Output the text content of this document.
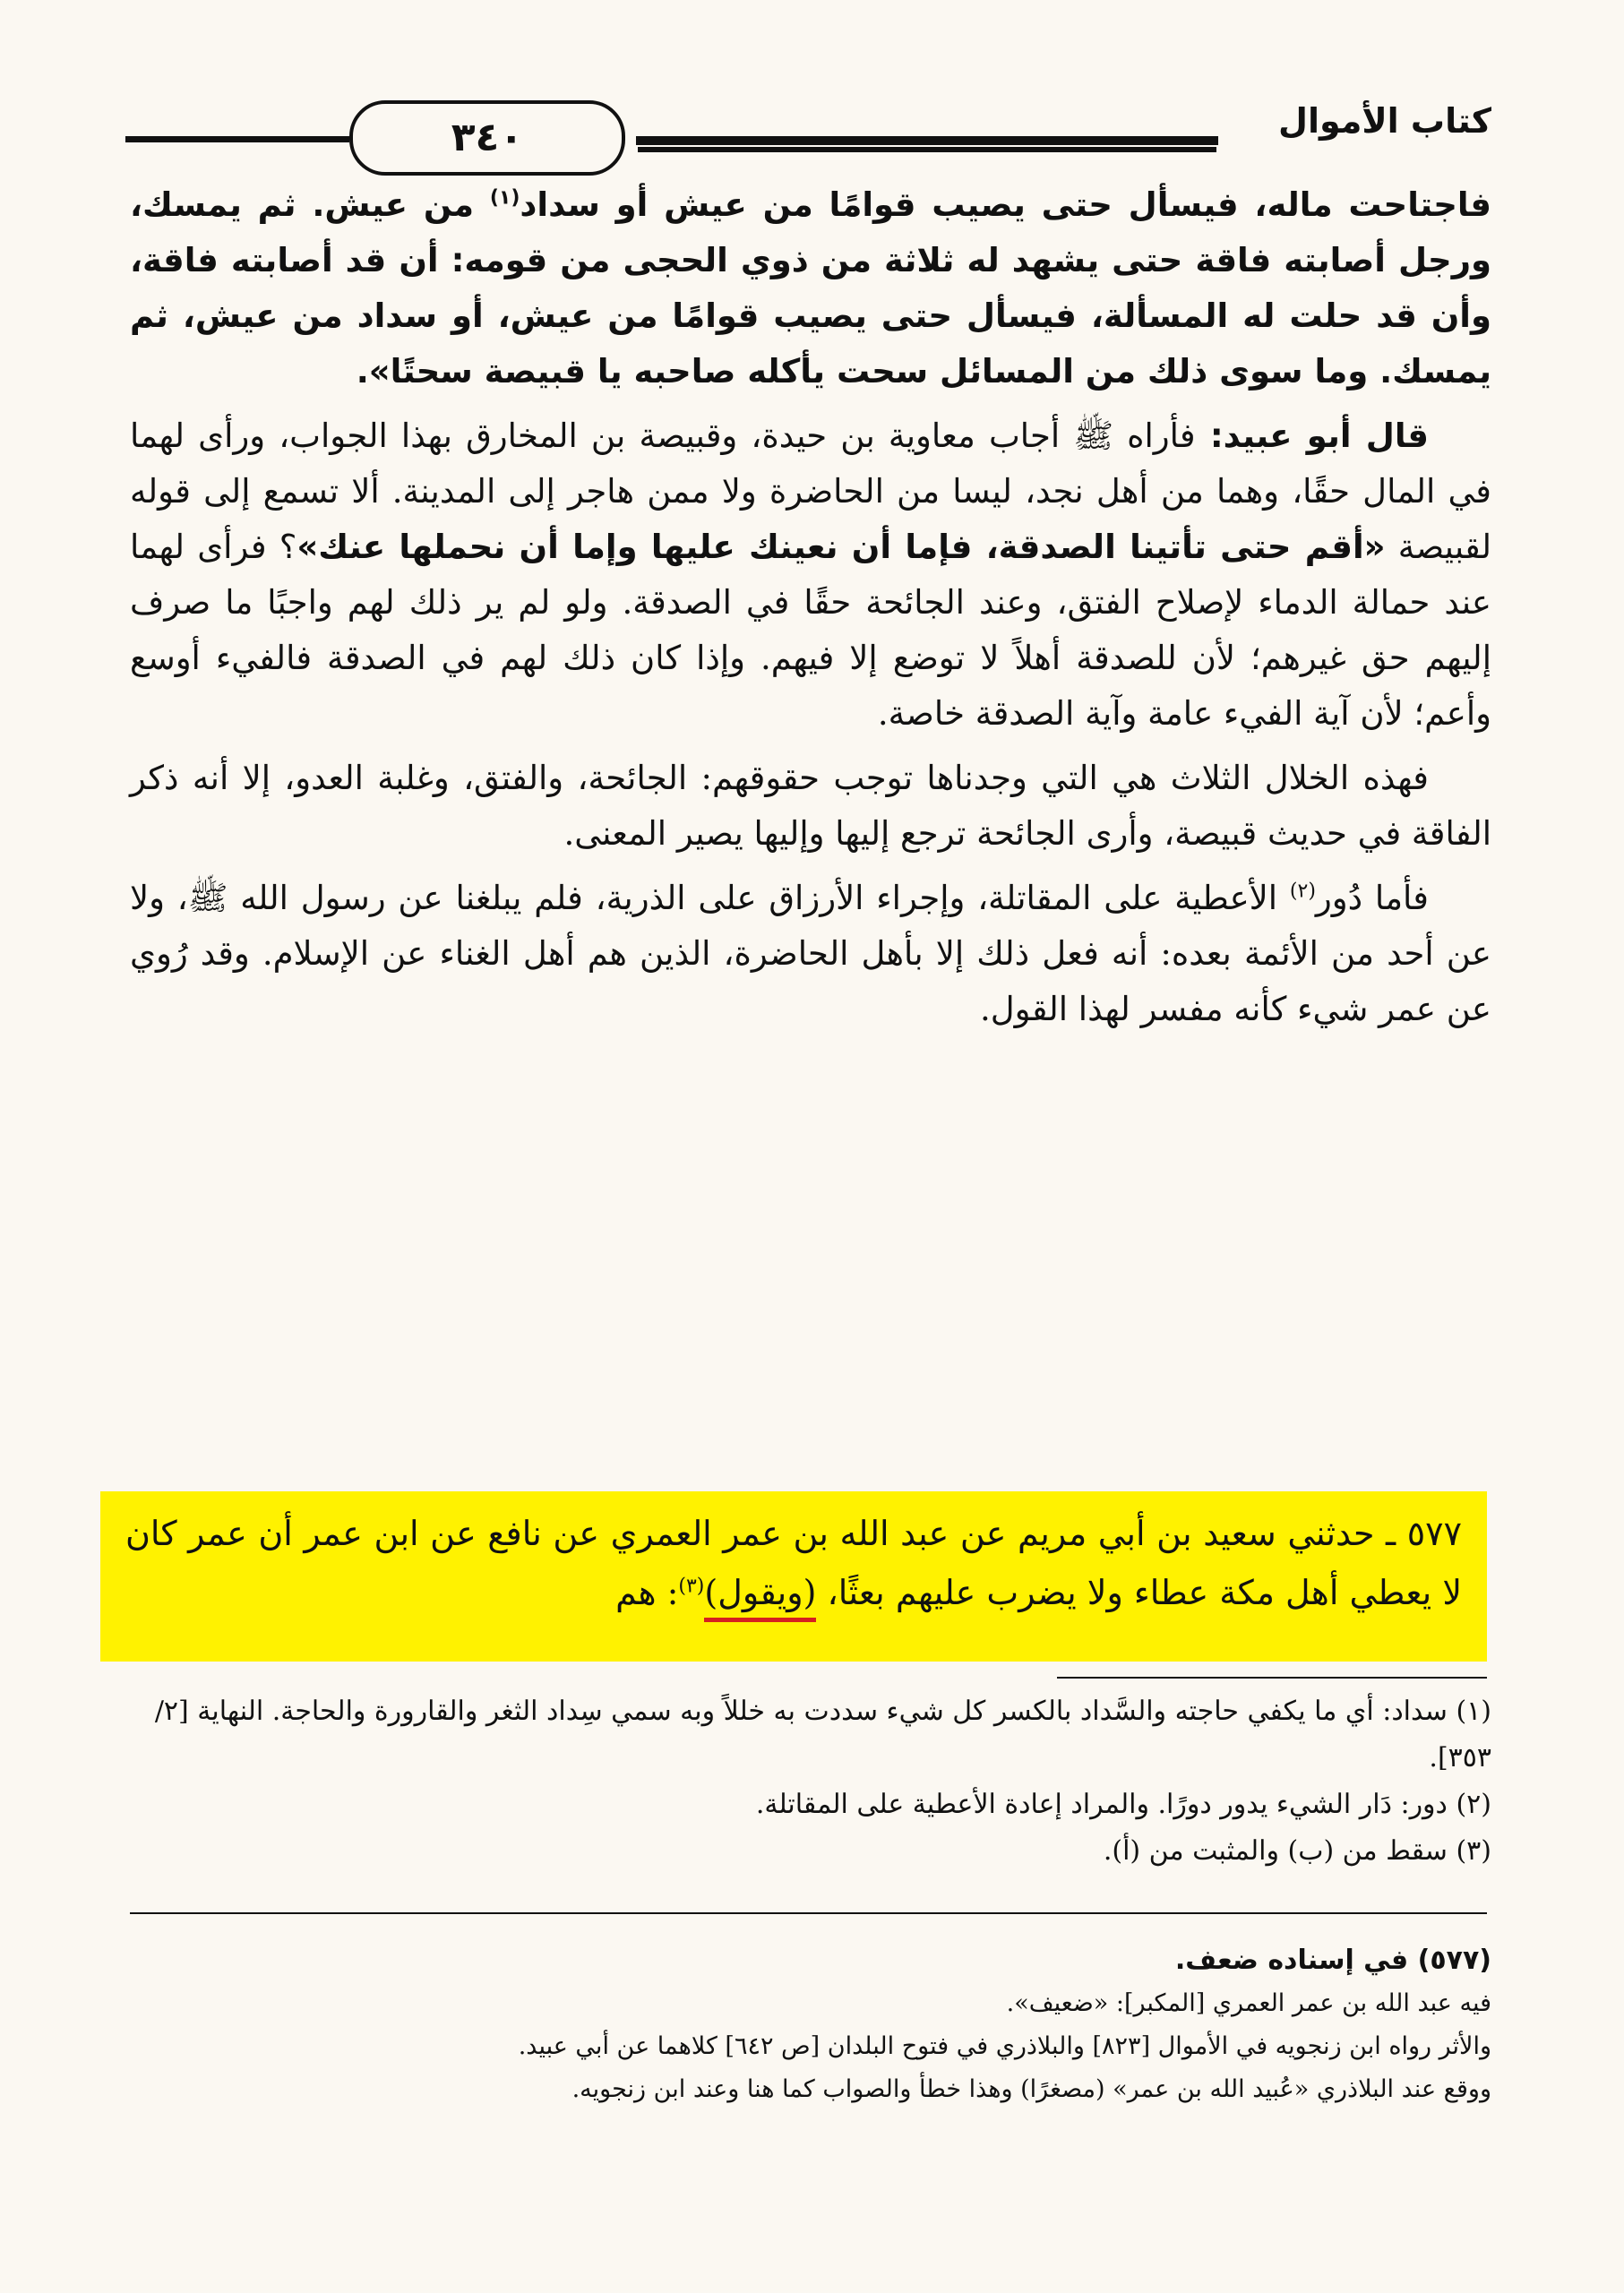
كتاب الأموال
٣٤٠

فاجتاحت ماله، فيسأل حتى يصيب قوامًا من عيش أو سداد$^{(١)}$ من عيش. ثم يمسك، ورجل أصابته فاقة حتى يشهد له ثلاثة من ذوي الحجى من قومه: أن قد أصابته فاقة، وأن قد حلت له المسألة، فيسأل حتى يصيب قوامًا من عيش، أو سداد من عيش، ثم يمسك. وما سوى ذلك من المسائل سحت يأكله صاحبه يا قبيصة سحتًا».

قال أبو عبيد: فأراه ﷺ أجاب معاوية بن حيدة، وقبيصة بن المخارق بهذا الجواب، ورأى لهما في المال حقًا، وهما من أهل نجد، ليسا من الحاضرة ولا ممن هاجر إلى المدينة. ألا تسمع إلى قوله لقبيصة «أقم حتى تأتينا الصدقة، فإما أن نعينك عليها وإما أن نحملها عنك»؟ فرأى لهما عند حمالة الدماء لإصلاح الفتق، وعند الجائحة حقًا في الصدقة. ولو لم ير ذلك لهم واجبًا ما صرف إليهم حق غيرهم؛ لأن للصدقة أهلاً لا توضع إلا فيهم. وإذا كان ذلك لهم في الصدقة فالفيء أوسع وأعم؛ لأن آية الفيء عامة وآية الصدقة خاصة.

فهذه الخلال الثلاث هي التي وجدناها توجب حقوقهم: الجائحة، والفتق، وغلبة العدو، إلا أنه ذكر الفاقة في حديث قبيصة، وأرى الجائحة ترجع إليها وإليها يصير المعنى.

فأما دُور$^{(٢)}$ الأعطية على المقاتلة، وإجراء الأرزاق على الذرية، فلم يبلغنا عن رسول الله ﷺ، ولا عن أحد من الأئمة بعده: أنه فعل ذلك إلا بأهل الحاضرة، الذين هم أهل الغناء عن الإسلام. وقد رُوي عن عمر شيء كأنه مفسر لهذا القول.

٥٧٧ ـ حدثني سعيد بن أبي مريم عن عبد الله بن عمر العمري عن نافع عن ابن عمر أن عمر كان لا يعطي أهل مكة عطاء ولا يضرب عليهم بعثًا، (ويقول)$^{(٣)}$: هم

(١) سداد: أي ما يكفي حاجته والسَّداد بالكسر كل شيء سددت به خللاً وبه سمي سِداد الثغر والقارورة والحاجة. النهاية [٢/ ٣٥٣].

(٢) دور: دَار الشيء يدور دورًا. والمراد إعادة الأعطية على المقاتلة.

(٣) سقط من (ب) والمثبت من (أ).

(٥٧٧) في إسناده ضعف.

فيه عبد الله بن عمر العمري [المكبر]: «ضعيف».

والأثر رواه ابن زنجويه في الأموال [٨٢٣] والبلاذري في فتوح البلدان [ص ٦٤٢] كلاهما عن أبي عبيد.

ووقع عند البلاذري «عُبيد الله بن عمر» (مصغرًا) وهذا خطأ والصواب كما هنا وعند ابن زنجويه.
